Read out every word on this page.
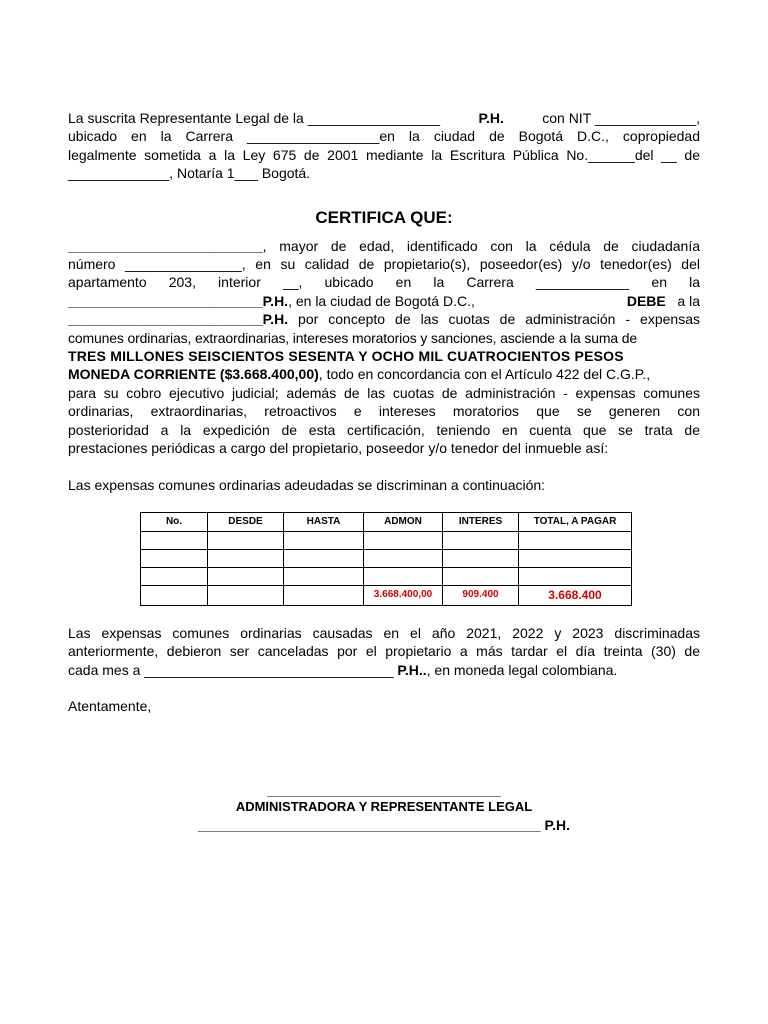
La suscrita Representante Legal de la _________________	P.H.	con NIT _____________,
ubicado en la Carrera _________________en la ciudad de Bogotá D.C., copropiedad
legalmente sometida a la Ley 675 de 2001 mediante la Escritura Pública No.______del __ de
_____________, Notaría 1___ Bogotá.
CERTIFICA QUE:
_________________________, mayor de edad, identificado con la cédula de ciudadanía
número _______________, en su calidad de propietario(s), poseedor(es) y/o tenedor(es) del
apartamento 203, interior __, ubicado en la Carrera ____________ en la
_________________________P.H., en la ciudad de Bogotá D.C.,	DEBE a la
_________________________P.H. por concepto de las cuotas de administración - expensas
comunes ordinarias, extraordinarias, intereses moratorios y sanciones, asciende a la suma de
TRES MILLONES SEISCIENTOS SESENTA Y OCHO MIL CUATROCIENTOS PESOS
MONEDA CORRIENTE ($3.668.400,00), todo en concordancia con el Artículo 422 del C.G.P.,
para su cobro ejecutivo judicial; además de las cuotas de administración - expensas comunes
ordinarias, extraordinarias, retroactivos e intereses moratorios que se generen con
posterioridad a la expedición de esta certificación, teniendo en cuenta que se trata de
prestaciones periódicas a cargo del propietario, poseedor y/o tenedor del inmueble así:
Las expensas comunes ordinarias adeudadas se discriminan a continuación:
No.	DESDE	HASTA	ADMON	INTERES	TOTAL, A PAGAR

			3.668.400,00	909.400	3.668.400
Las expensas comunes ordinarias causadas en el año 2021, 2022 y 2023 discriminadas
anteriormente, debieron ser canceladas por el propietario a más tardar el día treinta (30) de
cada mes a ________________________________ P.H.., en moneda legal colombiana.
Atentamente,
______________________________
ADMINISTRADORA Y REPRESENTANTE LEGAL
____________________________________________ P.H.
